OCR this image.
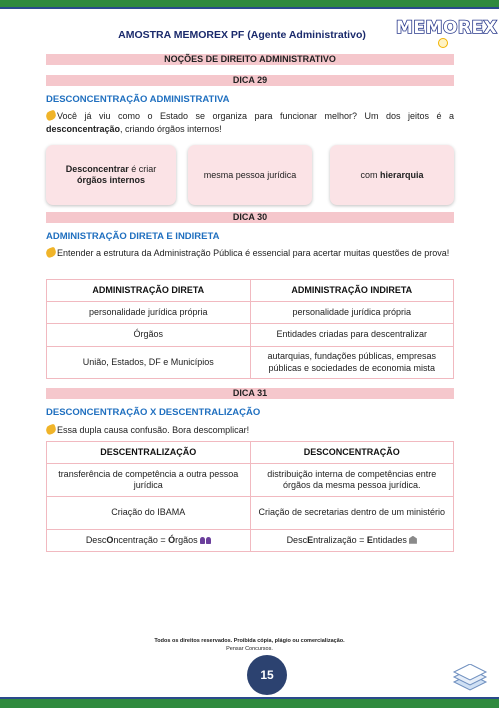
AMOSTRA MEMOREX PF (Agente Administrativo)	MEMOREX
NOÇÕES DE DIREITO ADMINISTRATIVO
DICA 29
DESCONCENTRAÇÃO ADMINISTRATIVA
Você já viu como o Estado se organiza para funcionar melhor? Um dos jeitos é a desconcentração, criando órgãos internos!
Desconcentrar é criar
órgãos internos
mesma pessoa jurídica	com hierarquia
DICA 30
ADMINISTRAÇÃO DIRETA E INDIRETA
Entender a estrutura da Administração Pública é essencial para acertar muitas questões de prova!
ADMINISTRAÇÃO DIRETA	ADMINISTRAÇÃO INDIRETA
personalidade jurídica própria	personalidade jurídica própria
Órgãos	Entidades criadas para descentralizar
União, Estados, DF e Municípios	autarquias, fundações públicas, empresas públicas e sociedades de economia mista
DICA 31
DESCONCENTRAÇÃO X DESCENTRALIZAÇÃO
Essa dupla causa confusão. Bora descomplicar!
DESCENTRALIZAÇÃO	DESCONCENTRAÇÃO
transferência de competência a outra pessoa jurídica	distribuição interna de competências entre órgãos da mesma pessoa jurídica.
Criação do IBAMA	Criação de secretarias dentro de um ministério
DescOncentração = Órgãos	DescEntralização = Entidades
Todos os direitos reservados. Proibida cópia, plágio ou comercialização.
Pensar Concursos.
15
